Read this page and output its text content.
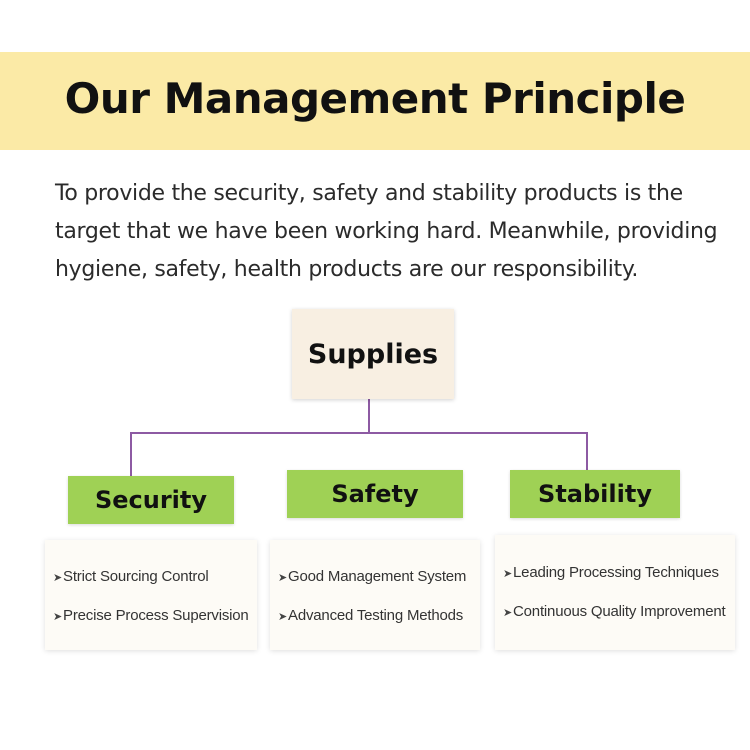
Our Management Principle

To provide the security, safety and stability products is the target that we have been working hard. Meanwhile, providing hygiene, safety, health products are our responsibility.

Supplies
Security	Safety	Stability
➤Strict Sourcing Control
➤Precise Process Supervision
➤Good Management System
➤Advanced Testing Methods
➤Leading Processing Techniques
➤Continuous Quality Improvement
